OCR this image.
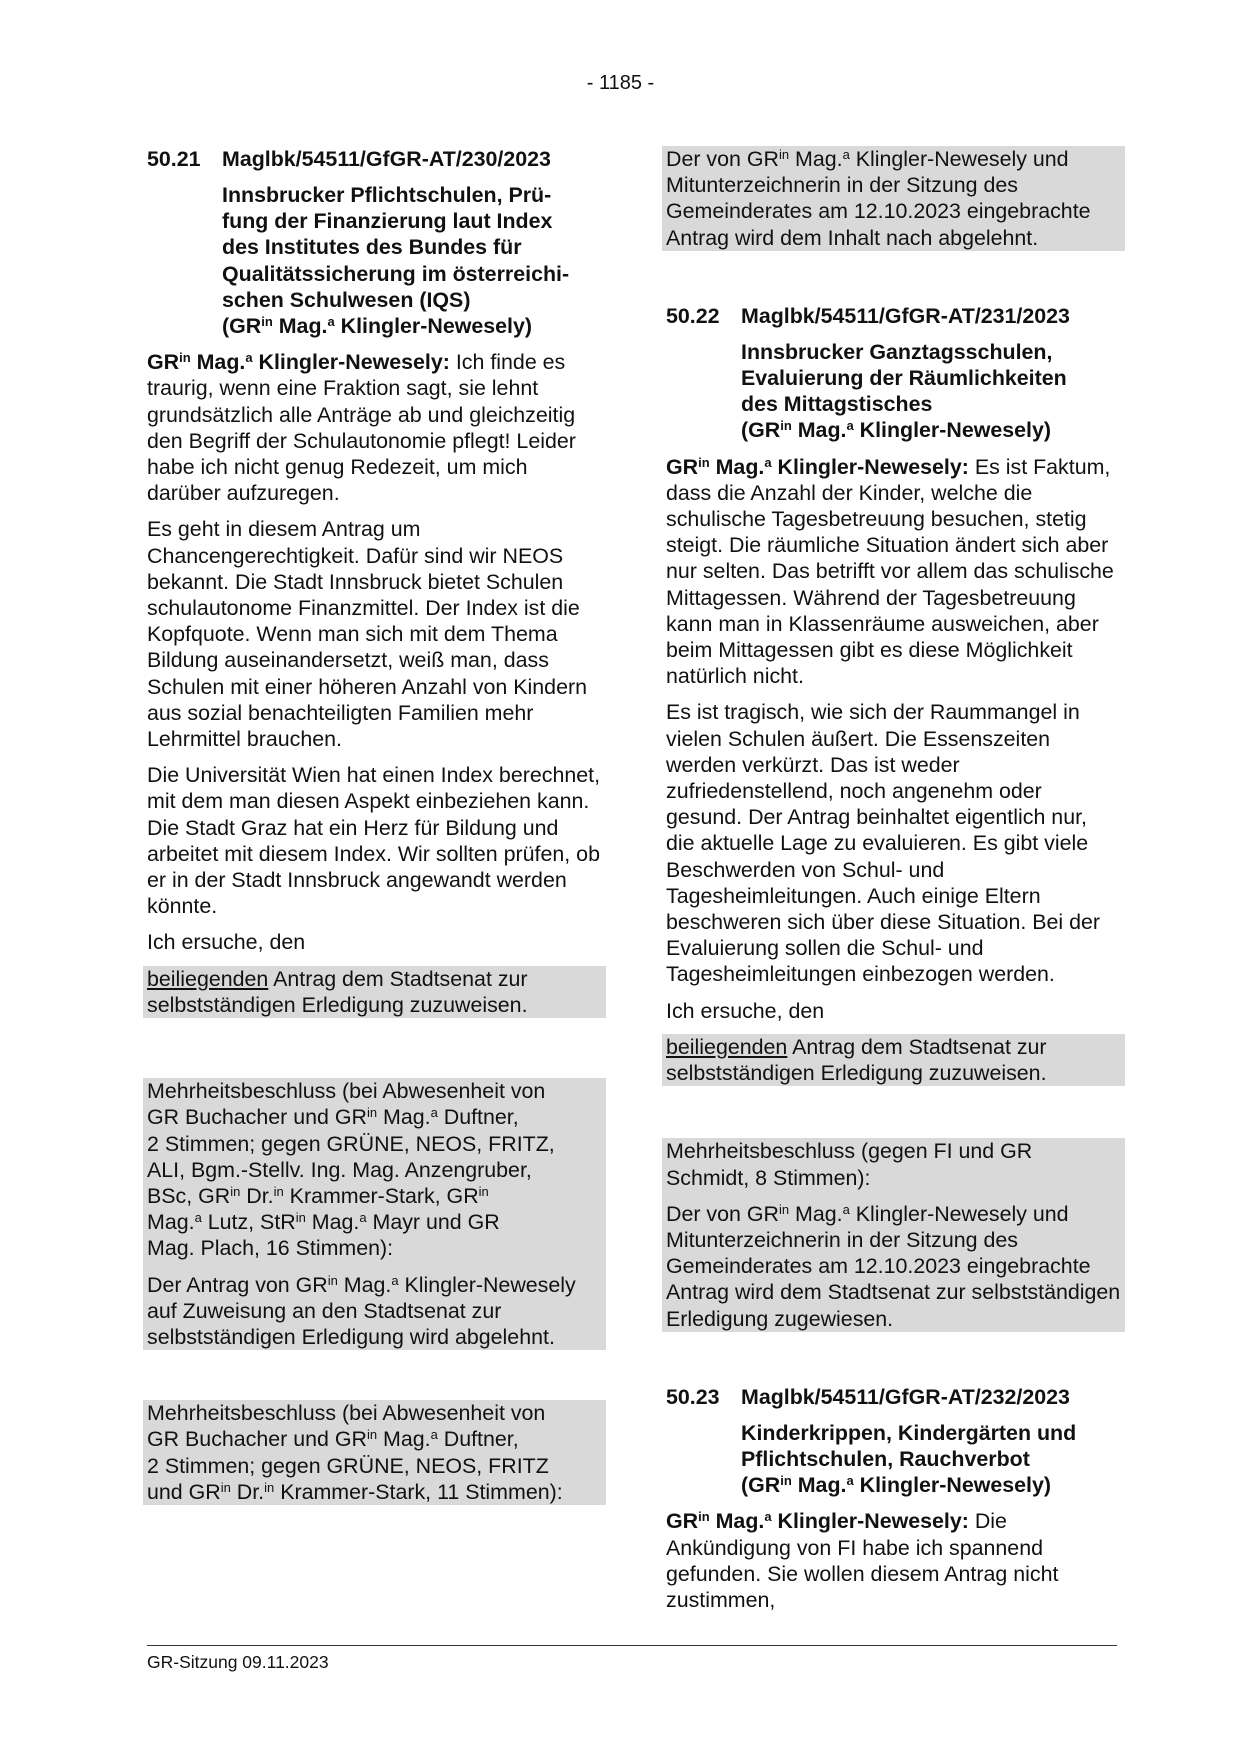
- 1185 -
50.21	Maglbk/54511/GfGR-AT/230/2023
Innsbrucker Pflichtschulen, Prü-
fung der Finanzierung laut Index
des Institutes des Bundes für
Qualitätssicherung im österreichi-
schen Schulwesen (IQS)
($GR^{in}$ Mag.$^a$ Klingler-Newesely)

$GR^{in}$ Mag.$^a$ Klingler-Newesely: Ich finde es traurig, wenn eine Fraktion sagt, sie lehnt grundsätzlich alle Anträge ab und gleichzeitig den Begriff der Schulautonomie pflegt! Leider habe ich nicht genug Redezeit, um mich darüber aufzuregen.

Es geht in diesem Antrag um Chancengerechtigkeit. Dafür sind wir NEOS bekannt. Die Stadt Innsbruck bietet Schulen schulautonome Finanzmittel. Der Index ist die Kopfquote. Wenn man sich mit dem Thema Bildung auseinandersetzt, weiß man, dass Schulen mit einer höheren Anzahl von Kindern aus sozial benachteiligten Familien mehr Lehrmittel brauchen.

Die Universität Wien hat einen Index berechnet, mit dem man diesen Aspekt einbeziehen kann. Die Stadt Graz hat ein Herz für Bildung und arbeitet mit diesem Index. Wir sollten prüfen, ob er in der Stadt Innsbruck angewandt werden könnte.

Ich ersuche, den

beiliegenden Antrag dem Stadtsenat zur selbstständigen Erledigung zuzuweisen.

Mehrheitsbeschluss (bei Abwesenheit von
GR Buchacher und $GR^{in}$ Mag.$^a$ Duftner,
2 Stimmen; gegen GRÜNE, NEOS, FRITZ,
ALI, Bgm.-Stellv. Ing. Mag. Anzengruber,
BSc, $GR^{in}$ Dr.$^{in}$ Krammer-Stark, $GR^{in}$
Mag.$^a$ Lutz, StR$^{in}$ Mag.$^a$ Mayr und GR
Mag. Plach, 16 Stimmen):
Der Antrag von $GR^{in}$ Mag.$^a$ Klingler-Newesely auf Zuweisung an den Stadtsenat zur selbstständigen Erledigung wird abgelehnt.
Mehrheitsbeschluss (bei Abwesenheit von
GR Buchacher und $GR^{in}$ Mag.$^a$ Duftner,
2 Stimmen; gegen GRÜNE, NEOS, FRITZ
und $GR^{in}$ Dr.$^{in}$ Krammer-Stark, 11 Stimmen):
Der von $GR^{in}$ Mag.$^a$ Klingler-Newesely und Mitunterzeichnerin in der Sitzung des Gemeinderates am 12.10.2023 eingebrachte Antrag wird dem Inhalt nach abgelehnt.
50.22	Maglbk/54511/GfGR-AT/231/2023
Innsbrucker Ganztagsschulen,
Evaluierung der Räumlichkeiten
des Mittagstisches
($GR^{in}$ Mag.$^a$ Klingler-Newesely)

$GR^{in}$ Mag.$^a$ Klingler-Newesely: Es ist Faktum, dass die Anzahl der Kinder, welche die schulische Tagesbetreuung besuchen, stetig steigt. Die räumliche Situation ändert sich aber nur selten. Das betrifft vor allem das schulische Mittagessen. Während der Tagesbetreuung kann man in Klassenräume ausweichen, aber beim Mittagessen gibt es diese Möglichkeit natürlich nicht.

Es ist tragisch, wie sich der Raummangel in vielen Schulen äußert. Die Essenszeiten werden verkürzt. Das ist weder zufriedenstellend, noch angenehm oder gesund. Der Antrag beinhaltet eigentlich nur, die aktuelle Lage zu evaluieren. Es gibt viele Beschwerden von Schul- und Tagesheimleitungen. Auch einige Eltern beschweren sich über diese Situation. Bei der Evaluierung sollen die Schul- und Tagesheimleitungen einbezogen werden.

Ich ersuche, den

beiliegenden Antrag dem Stadtsenat zur selbstständigen Erledigung zuzuweisen.

Mehrheitsbeschluss (gegen FI und GR Schmidt, 8 Stimmen):
Der von $GR^{in}$ Mag.$^a$ Klingler-Newesely und Mitunterzeichnerin in der Sitzung des Gemeinderates am 12.10.2023 eingebrachte Antrag wird dem Stadtsenat zur selbstständigen Erledigung zugewiesen.
50.23	Maglbk/54511/GfGR-AT/232/2023
Kinderkrippen, Kindergärten und
Pflichtschulen, Rauchverbot
($GR^{in}$ Mag.$^a$ Klingler-Newesely)

$GR^{in}$ Mag.$^a$ Klingler-Newesely: Die Ankündigung von FI habe ich spannend gefunden. Sie wollen diesem Antrag nicht zustimmen,

GR-Sitzung 09.11.2023
